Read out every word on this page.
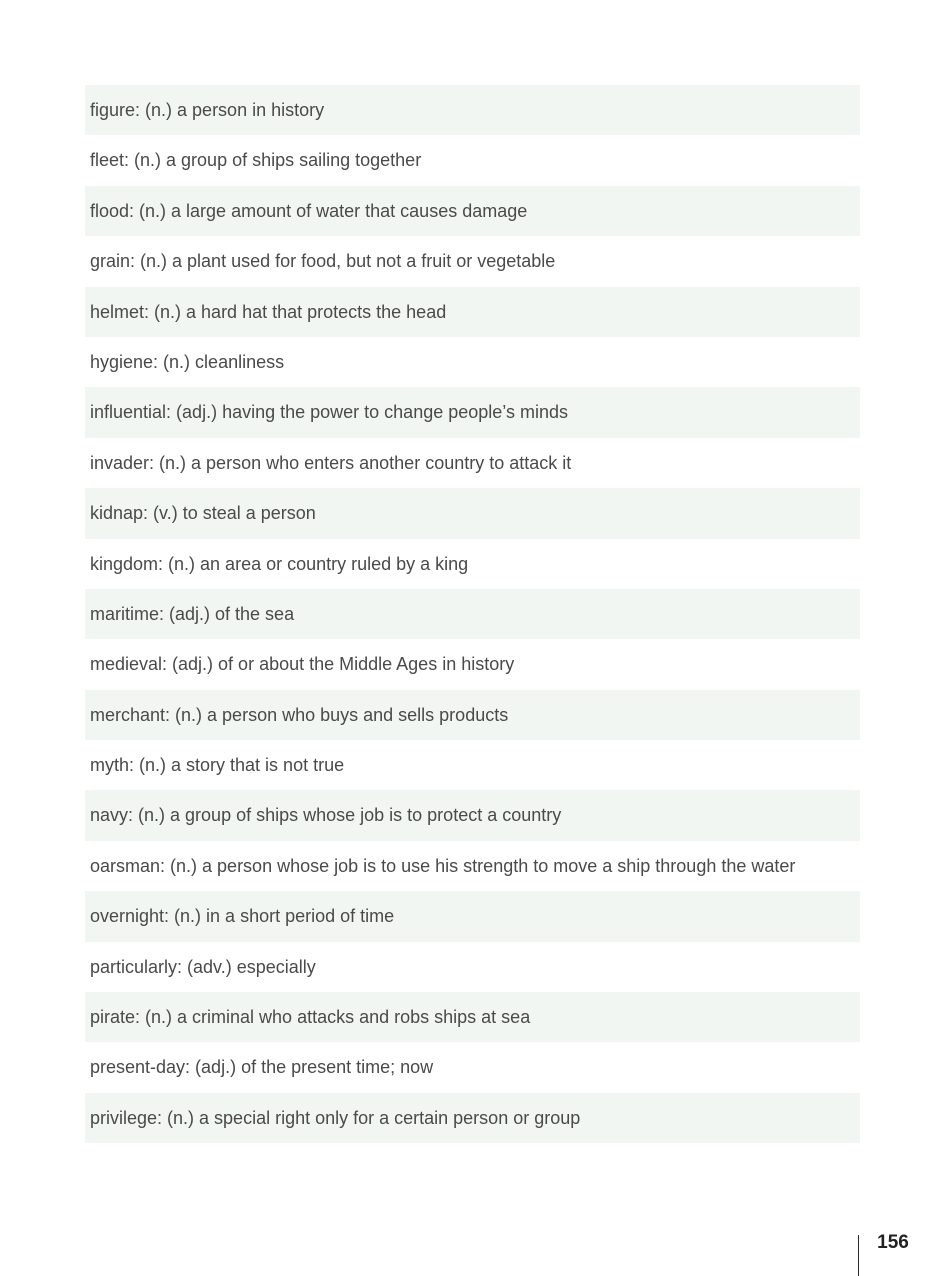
figure: (n.) a person in history
fleet: (n.) a group of ships sailing together
flood: (n.) a large amount of water that causes damage
grain: (n.) a plant used for food, but not a fruit or vegetable
helmet: (n.) a hard hat that protects the head
hygiene: (n.) cleanliness
influential: (adj.) having the power to change people’s minds
invader: (n.) a person who enters another country to attack it
kidnap: (v.) to steal a person
kingdom: (n.) an area or country ruled by a king
maritime: (adj.) of the sea
medieval: (adj.) of or about the Middle Ages in history
merchant: (n.) a person who buys and sells products
myth: (n.) a story that is not true
navy: (n.) a group of ships whose job is to protect a country
oarsman: (n.) a person whose job is to use his strength to move a ship through the water
overnight: (n.) in a short period of time
particularly: (adv.) especially
pirate: (n.) a criminal who attacks and robs ships at sea
present-day: (adj.) of the present time; now
privilege: (n.) a special right only for a certain person or group
156
